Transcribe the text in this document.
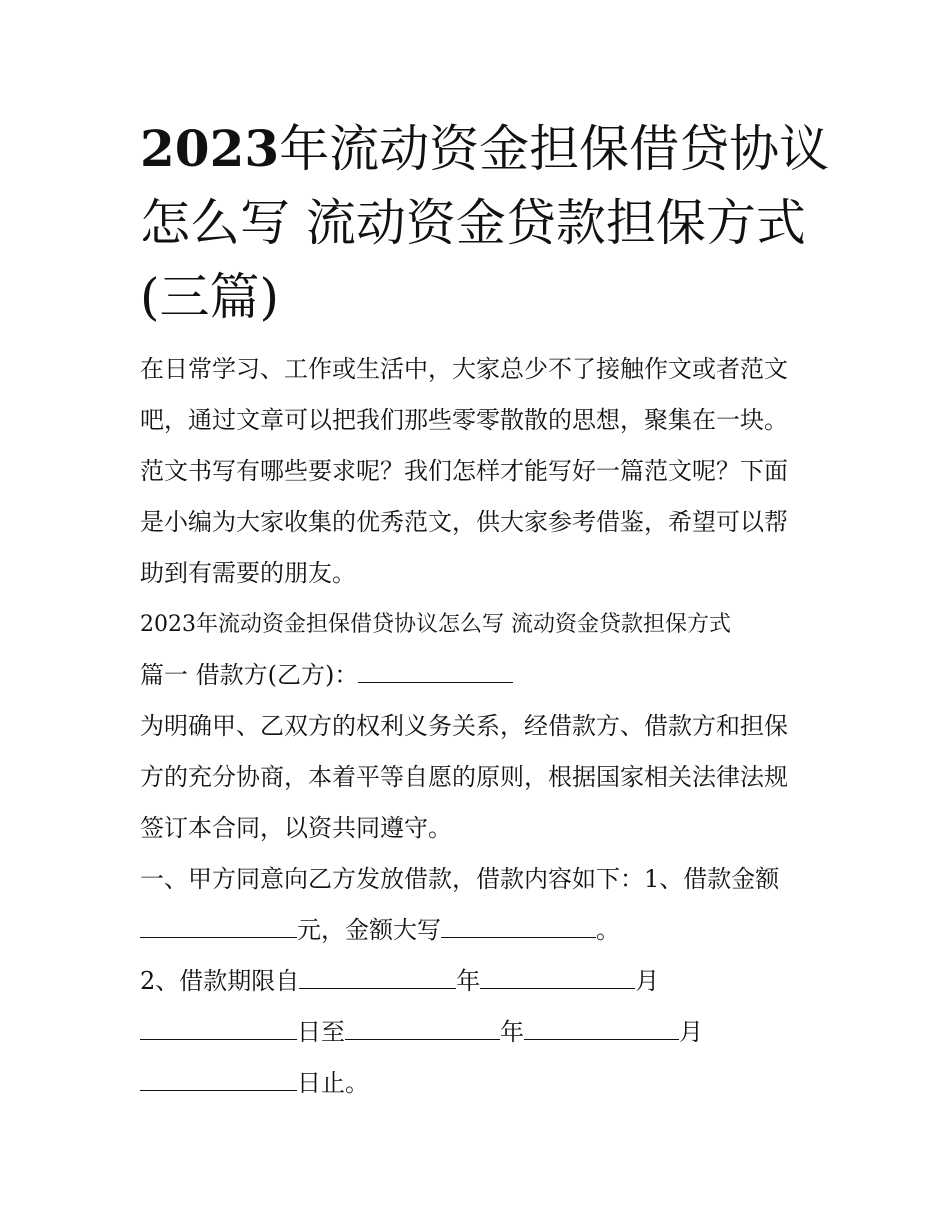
2023年流动资金担保借贷协议
怎么写 流动资金贷款担保方式
(三篇)
在日常学习、工作或生活中，大家总少不了接触作文或者范文
吧，通过文章可以把我们那些零零散散的思想，聚集在一块。
范文书写有哪些要求呢？我们怎样才能写好一篇范文呢？下面
是小编为大家收集的优秀范文，供大家参考借鉴，希望可以帮
助到有需要的朋友。
2023年流动资金担保借贷协议怎么写 流动资金贷款担保方式
篇一 借款方(乙方)：
为明确甲、乙双方的权利义务关系，经借款方、借款方和担保
方的充分协商，本着平等自愿的原则，根据国家相关法律法规
签订本合同，以资共同遵守。
一、甲方同意向乙方发放借款，借款内容如下：1、借款金额
元，金额大写	。
2、借款期限自	年	月
日至	年	月
日止。
